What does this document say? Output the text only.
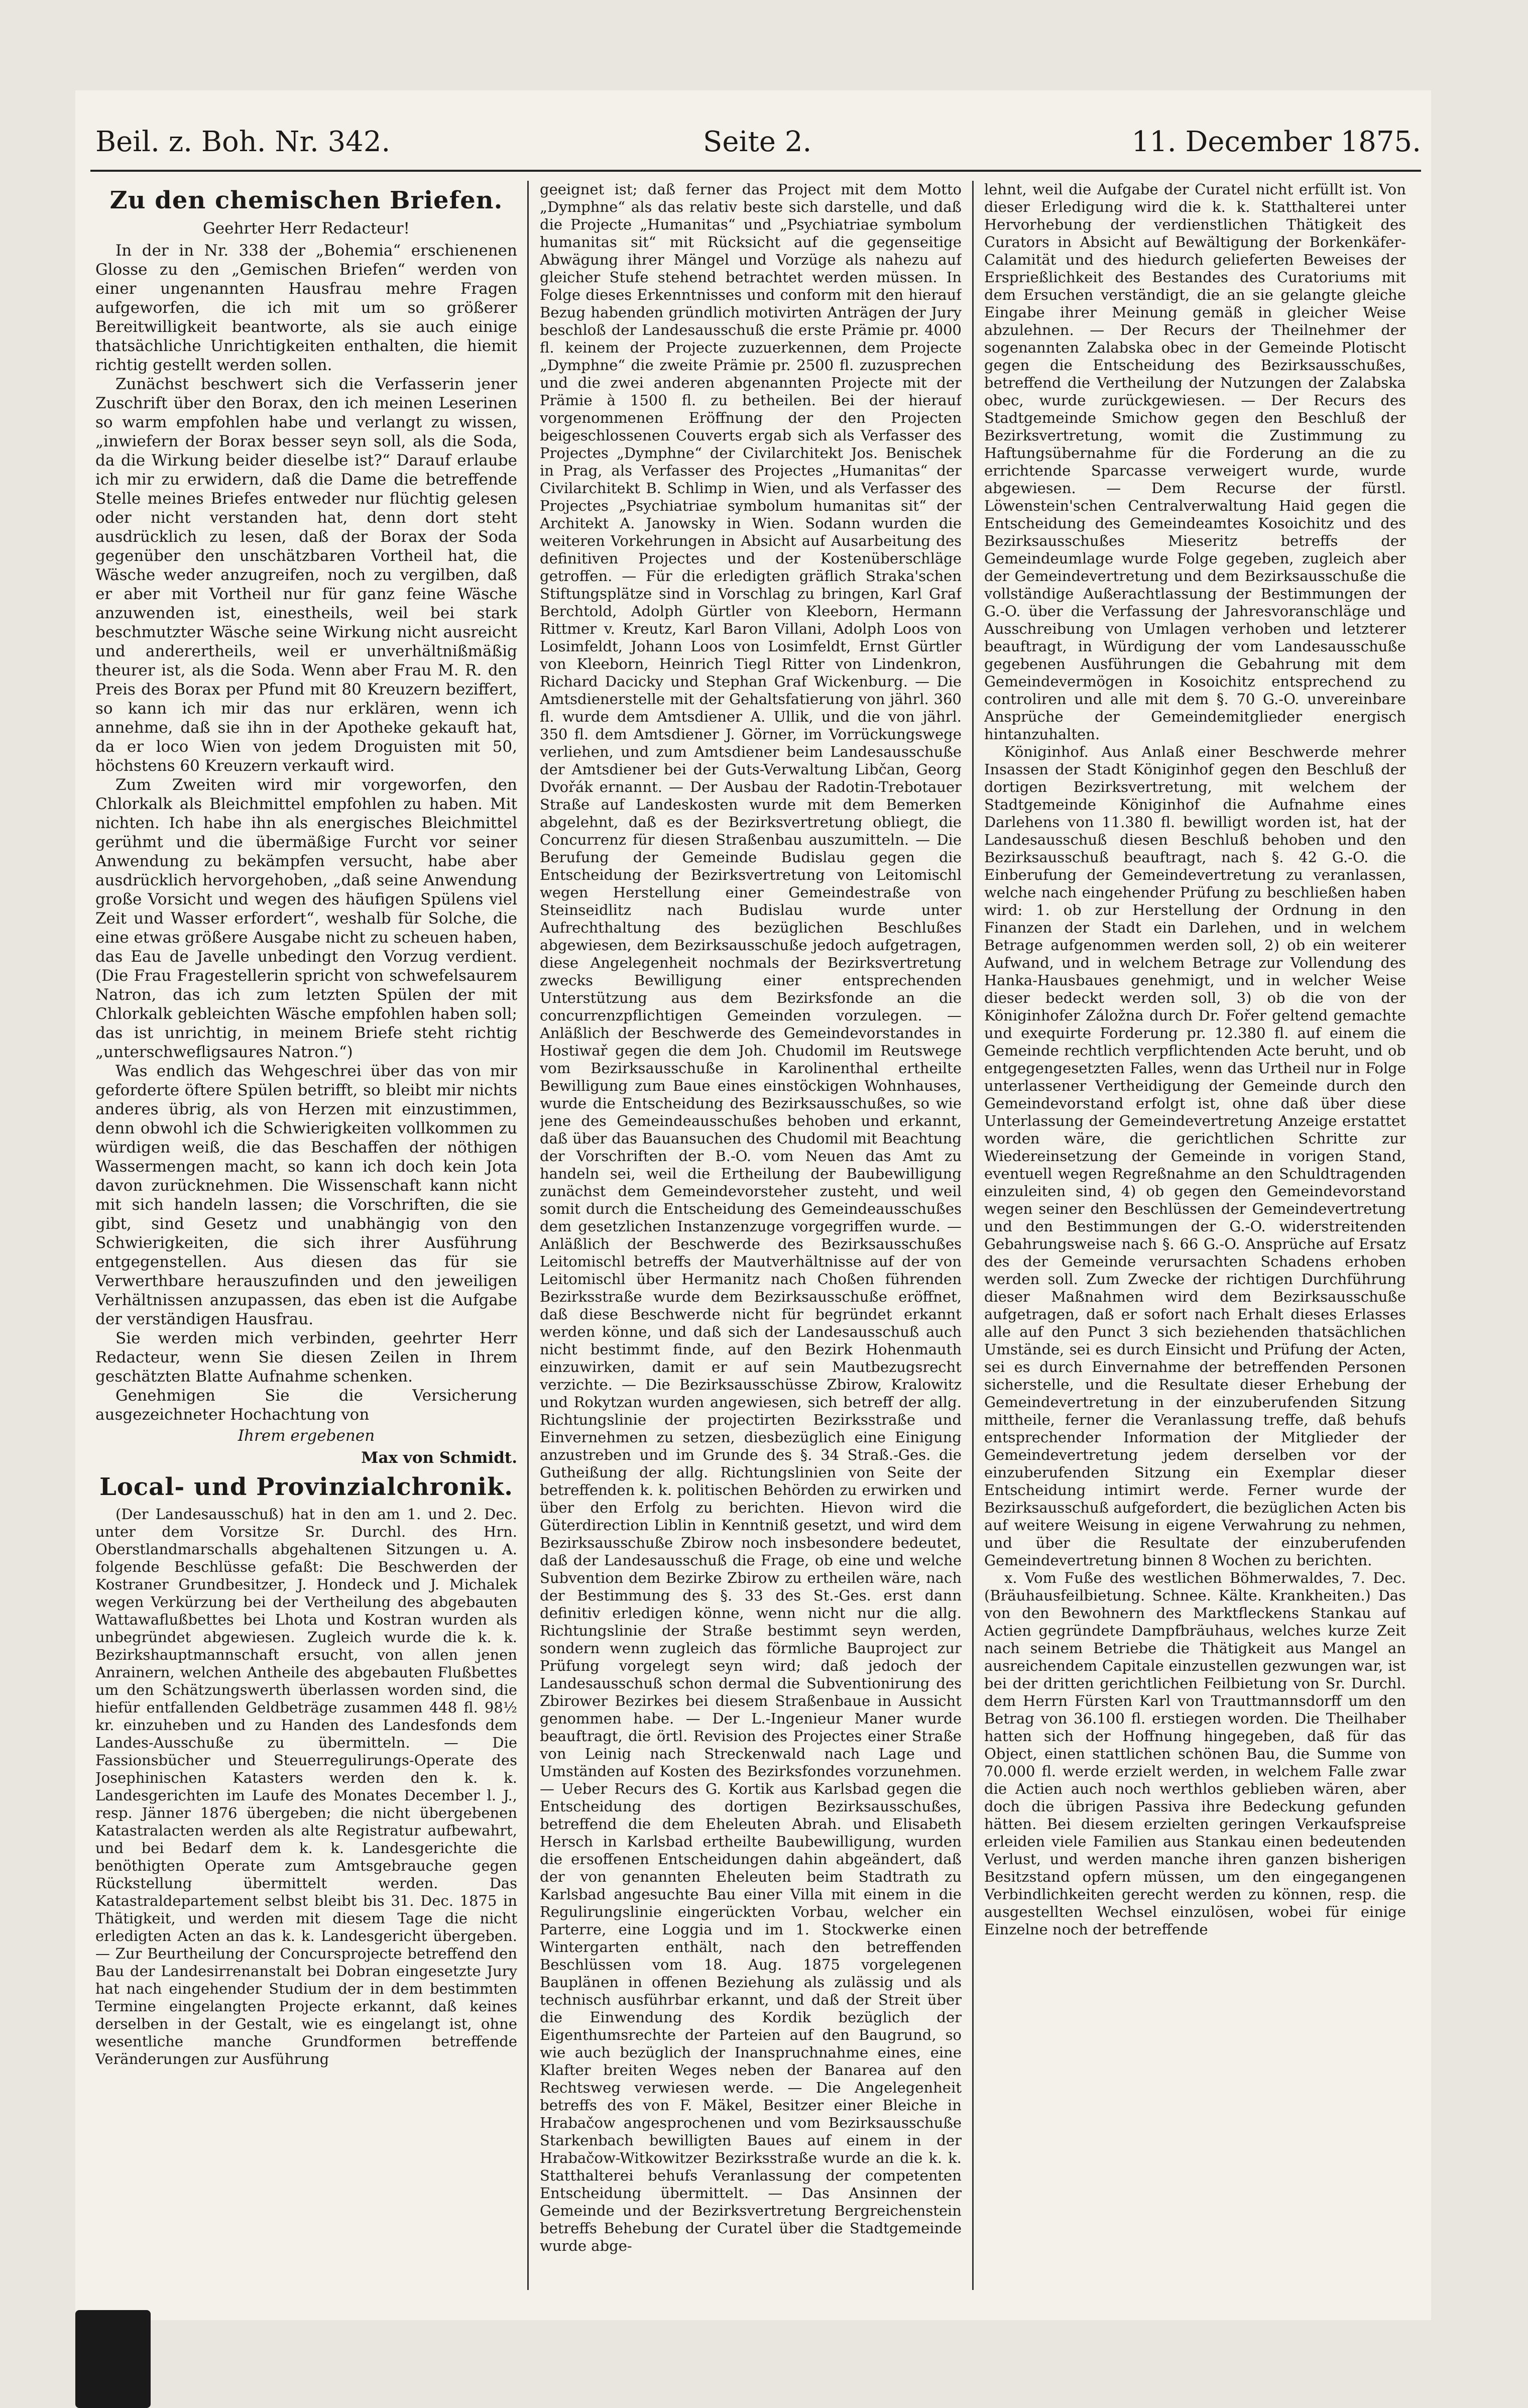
Beil. z. Boh. Nr. 342.	Seite 2.	11. December 1875.
Zu den chemischen Briefen.

Geehrter Herr Redacteur!

In der in Nr. 338 der „Bohemia“ erschienenen Glosse zu den „Gemischen Briefen“ werden von einer ungenannten Hausfrau mehre Fragen aufgeworfen, die ich mit um so größerer Bereitwilligkeit beantworte, als sie auch einige thatsächliche Unrichtigkeiten enthalten, die hiemit richtig gestellt werden sollen.

Zunächst beschwert sich die Verfasserin jener Zuschrift über den Borax, den ich meinen Leserinen so warm empfohlen habe und verlangt zu wissen, „inwiefern der Borax besser seyn soll, als die Soda, da die Wirkung beider dieselbe ist?“ Darauf erlaube ich mir zu erwidern, daß die Dame die betreffende Stelle meines Briefes entweder nur flüchtig gelesen oder nicht verstanden hat, denn dort steht ausdrücklich zu lesen, daß der Borax der Soda gegenüber den unschätzbaren Vortheil hat, die Wäsche weder anzugreifen, noch zu vergilben, daß er aber mit Vortheil nur für ganz feine Wäsche anzuwenden ist, einestheils, weil bei stark beschmutzter Wäsche seine Wirkung nicht ausreicht und anderertheils, weil er unverhältnißmäßig theurer ist, als die Soda. Wenn aber Frau M. R. den Preis des Borax per Pfund mit 80 Kreuzern beziffert, so kann ich mir das nur erklären, wenn ich annehme, daß sie ihn in der Apotheke gekauft hat, da er loco Wien von jedem Droguisten mit 50, höchstens 60 Kreuzern verkauft wird.

Zum Zweiten wird mir vorgeworfen, den Chlorkalk als Bleichmittel empfohlen zu haben. Mit nichten. Ich habe ihn als energisches Bleichmittel gerühmt und die übermäßige Furcht vor seiner Anwendung zu bekämpfen versucht, habe aber ausdrücklich hervorgehoben, „daß seine Anwendung große Vorsicht und wegen des häufigen Spülens viel Zeit und Wasser erfordert“, weshalb für Solche, die eine etwas größere Ausgabe nicht zu scheuen haben, das Eau de Javelle unbedingt den Vorzug verdient. (Die Frau Fragestellerin spricht von schwefelsaurem Natron, das ich zum letzten Spülen der mit Chlorkalk gebleichten Wäsche empfohlen haben soll; das ist unrichtig, in meinem Briefe steht richtig „unterschwefligsaures Natron.“)

Was endlich das Wehgeschrei über das von mir geforderte öftere Spülen betrifft, so bleibt mir nichts anderes übrig, als von Herzen mit einzustimmen, denn obwohl ich die Schwierigkeiten vollkommen zu würdigen weiß, die das Beschaffen der nöthigen Wassermengen macht, so kann ich doch kein Jota davon zurücknehmen. Die Wissenschaft kann nicht mit sich handeln lassen; die Vorschriften, die sie gibt, sind Gesetz und unabhängig von den Schwierigkeiten, die sich ihrer Ausführung entgegenstellen. Aus diesen das für sie Verwerthbare herauszufinden und den jeweiligen Verhältnissen anzupassen, das eben ist die Aufgabe der verständigen Hausfrau.

Sie werden mich verbinden, geehrter Herr Redacteur, wenn Sie diesen Zeilen in Ihrem geschätzten Blatte Aufnahme schenken.

Genehmigen Sie die Versicherung ausgezeichneter Hochachtung von

Ihrem ergebenen

Max von Schmidt.

Local- und Provinzialchronik.

(Der Landesausschuß) hat in den am 1. und 2. Dec. unter dem Vorsitze Sr. Durchl. des Hrn. Oberstlandmarschalls abgehaltenen Sitzungen u. A. folgende Beschlüsse gefaßt: Die Beschwerden der Kostraner Grundbesitzer, J. Hondeck und J. Michalek wegen Verkürzung bei der Vertheilung des abgebauten Wattawaflußbettes bei Lhota und Kostran wurden als unbegründet abgewiesen. Zugleich wurde die k. k. Bezirkshauptmannschaft ersucht, von allen jenen Anrainern, welchen Antheile des abgebauten Flußbettes um den Schätzungswerth überlassen worden sind, die hiefür entfallenden Geldbeträge zusammen 448 fl. 98½ kr. einzuheben und zu Handen des Landesfonds dem Landes-Ausschuße zu übermitteln. — Die Fassionsbücher und Steuerregulirungs-Operate des Josephinischen Katasters werden den k. k. Landesgerichten im Laufe des Monates December l. J., resp. Jänner 1876 übergeben; die nicht übergebenen Katastralacten werden als alte Registratur aufbewahrt, und bei Bedarf dem k. k. Landesgerichte die benöthigten Operate zum Amtsgebrauche gegen Rückstellung übermittelt werden. Das Katastraldepartement selbst bleibt bis 31. Dec. 1875 in Thätigkeit, und werden mit diesem Tage die nicht erledigten Acten an das k. k. Landesgericht übergeben. — Zur Beurtheilung der Concursprojecte betreffend den Bau der Landesirrenanstalt bei Dobran eingesetzte Jury hat nach eingehender Studium der in dem bestimmten Termine eingelangten Projecte erkannt, daß keines derselben in der Gestalt, wie es eingelangt ist, ohne wesentliche manche Grundformen betreffende Veränderungen zur Ausführung

geeignet ist; daß ferner das Project mit dem Motto „Dymphne“ als das relativ beste sich darstelle, und daß die Projecte „Humanitas“ und „Psychiatriae symbolum humanitas sit“ mit Rücksicht auf die gegenseitige Abwägung ihrer Mängel und Vorzüge als nahezu auf gleicher Stufe stehend betrachtet werden müssen. In Folge dieses Erkenntnisses und conform mit den hierauf Bezug habenden gründlich motivirten Anträgen der Jury beschloß der Landesausschuß die erste Prämie pr. 4000 fl. keinem der Projecte zuzuerkennen, dem Projecte „Dymphne“ die zweite Prämie pr. 2500 fl. zuzusprechen und die zwei anderen abgenannten Projecte mit der Prämie à 1500 fl. zu betheilen. Bei der hierauf vorgenommenen Eröffnung der den Projecten beigeschlossenen Couverts ergab sich als Verfasser des Projectes „Dymphne“ der Civilarchitekt Jos. Benischek in Prag, als Verfasser des Projectes „Humanitas“ der Civilarchitekt B. Schlimp in Wien, und als Verfasser des Projectes „Psychiatriae symbolum humanitas sit“ der Architekt A. Janowsky in Wien. Sodann wurden die weiteren Vorkehrungen in Absicht auf Ausarbeitung des definitiven Projectes und der Kostenüberschläge getroffen. — Für die erledigten gräflich Straka'schen Stiftungsplätze sind in Vorschlag zu bringen, Karl Graf Berchtold, Adolph Gürtler von Kleeborn, Hermann Rittmer v. Kreutz, Karl Baron Villani, Adolph Loos von Losimfeldt, Johann Loos von Losimfeldt, Ernst Gürtler von Kleeborn, Heinrich Tiegl Ritter von Lindenkron, Richard Dacicky und Stephan Graf Wickenburg. — Die Amtsdienerstelle mit der Gehaltsfatierung von jährl. 360 fl. wurde dem Amtsdiener A. Ullik, und die von jährl. 350 fl. dem Amtsdiener J. Görner, im Vorrückungswege verliehen, und zum Amtsdiener beim Landesausschuße der Amtsdiener bei der Guts-Verwaltung Libčan, Georg Dvořák ernannt. — Der Ausbau der Radotin-Trebotauer Straße auf Landeskosten wurde mit dem Bemerken abgelehnt, daß es der Bezirksvertretung obliegt, die Concurrenz für diesen Straßenbau auszumitteln. — Die Berufung der Gemeinde Budislau gegen die Entscheidung der Bezirksvertretung von Leitomischl wegen Herstellung einer Gemeindestraße von Steinseidlitz nach Budislau wurde unter Aufrechthaltung des bezüglichen Beschlußes abgewiesen, dem Bezirksausschuße jedoch aufgetragen, diese Angelegenheit nochmals der Bezirksvertretung zwecks Bewilligung einer entsprechenden Unterstützung aus dem Bezirksfonde an die concurrenzpflichtigen Gemeinden vorzulegen. — Anläßlich der Beschwerde des Gemeindevorstandes in Hostiwař gegen die dem Joh. Chudomil im Reutswege vom Bezirksausschuße in Karolinenthal ertheilte Bewilligung zum Baue eines einstöckigen Wohnhauses, wurde die Entscheidung des Bezirksausschußes, so wie jene des Gemeindeausschußes behoben und erkannt, daß über das Bauansuchen des Chudomil mit Beachtung der Vorschriften der B.-O. vom Neuen das Amt zu handeln sei, weil die Ertheilung der Baubewilligung zunächst dem Gemeindevorsteher zusteht, und weil somit durch die Entscheidung des Gemeindeausschußes dem gesetzlichen Instanzenzuge vorgegriffen wurde. — Anläßlich der Beschwerde des Bezirksausschußes Leitomischl betreffs der Mautverhältnisse auf der von Leitomischl über Hermanitz nach Choßen führenden Bezirksstraße wurde dem Bezirksausschuße eröffnet, daß diese Beschwerde nicht für begründet erkannt werden könne, und daß sich der Landesausschuß auch nicht bestimmt finde, auf den Bezirk Hohenmauth einzuwirken, damit er auf sein Mautbezugsrecht verzichte. — Die Bezirksausschüsse Zbirow, Kralowitz und Rokytzan wurden angewiesen, sich betreff der allg. Richtungslinie der projectirten Bezirksstraße und Einvernehmen zu setzen, diesbezüglich eine Einigung anzustreben und im Grunde des §. 34 Straß.-Ges. die Gutheißung der allg. Richtungslinien von Seite der betreffenden k. k. politischen Behörden zu erwirken und über den Erfolg zu berichten. Hievon wird die Güterdirection Liblin in Kenntniß gesetzt, und wird dem Bezirksausschuße Zbirow noch insbesondere bedeutet, daß der Landesausschuß die Frage, ob eine und welche Subvention dem Bezirke Zbirow zu ertheilen wäre, nach der Bestimmung des §. 33 des St.-Ges. erst dann definitiv erledigen könne, wenn nicht nur die allg. Richtungslinie der Straße bestimmt seyn werden, sondern wenn zugleich das förmliche Bauproject zur Prüfung vorgelegt seyn wird; daß jedoch der Landesausschuß schon dermal die Subventionirung des Zbirower Bezirkes bei diesem Straßenbaue in Aussicht genommen habe. — Der L.-Ingenieur Maner wurde beauftragt, die örtl. Revision des Projectes einer Straße von Leinig nach Streckenwald nach Lage und Umständen auf Kosten des Bezirksfondes vorzunehmen. — Ueber Recurs des G. Kortik aus Karlsbad gegen die Entscheidung des dortigen Bezirksausschußes, betreffend die dem Eheleuten Abrah. und Elisabeth Hersch in Karlsbad ertheilte Baubewilligung, wurden die ersoffenen Entscheidungen dahin abgeändert, daß der von genannten Eheleuten beim Stadtrath zu Karlsbad angesuchte Bau einer Villa mit einem in die Regulirungslinie eingerückten Vorbau, welcher ein Parterre, eine Loggia und im 1. Stockwerke einen Wintergarten enthält, nach den betreffenden Beschlüssen vom 18. Aug. 1875 vorgelegenen Bauplänen in offenen Beziehung als zulässig und als technisch ausführbar erkannt, und daß der Streit über die Einwendung des Kordik bezüglich der Eigenthumsrechte der Parteien auf den Baugrund, so wie auch bezüglich der Inanspruchnahme eines, eine Klafter breiten Weges neben der Banarea auf den Rechtsweg verwiesen werde. — Die Angelegenheit betreffs des von F. Mäkel, Besitzer einer Bleiche in Hrabačow angesprochenen und vom Bezirksausschuße Starkenbach bewilligten Baues auf einem in der Hrabačow-Witkowitzer Bezirksstraße wurde an die k. k. Statthalterei behufs Veranlassung der competenten Entscheidung übermittelt. — Das Ansinnen der Gemeinde und der Bezirksvertretung Bergreichenstein betreffs Behebung der Curatel über die Stadtgemeinde wurde abge-

lehnt, weil die Aufgabe der Curatel nicht erfüllt ist. Von dieser Erledigung wird die k. k. Statthalterei unter Hervorhebung der verdienstlichen Thätigkeit des Curators in Absicht auf Bewältigung der Borkenkäfer-Calamität und des hiedurch gelieferten Beweises der Ersprießlichkeit des Bestandes des Curatoriums mit dem Ersuchen verständigt, die an sie gelangte gleiche Eingabe ihrer Meinung gemäß in gleicher Weise abzulehnen. — Der Recurs der Theilnehmer der sogenannten Zalabska obec in der Gemeinde Plotischt gegen die Entscheidung des Bezirksausschußes, betreffend die Vertheilung der Nutzungen der Zalabska obec, wurde zurückgewiesen. — Der Recurs des Stadtgemeinde Smichow gegen den Beschluß der Bezirksvertretung, womit die Zustimmung zu Haftungsübernahme für die Forderung an die zu errichtende Sparcasse verweigert wurde, wurde abgewiesen. — Dem Recurse der fürstl. Löwenstein'schen Centralverwaltung Haid gegen die Entscheidung des Gemeindeamtes Kosoichitz und des Bezirksausschußes Mieseritz betreffs der Gemeindeumlage wurde Folge gegeben, zugleich aber der Gemeindevertretung und dem Bezirksausschuße die vollständige Außerachtlassung der Bestimmungen der G.-O. über die Verfassung der Jahresvoranschläge und Ausschreibung von Umlagen verhoben und letzterer beauftragt, in Würdigung der vom Landesausschuße gegebenen Ausführungen die Gebahrung mit dem Gemeindevermögen in Kosoichitz entsprechend zu controliren und alle mit dem §. 70 G.-O. unvereinbare Ansprüche der Gemeindemitglieder energisch hintanzuhalten.

Königinhof. Aus Anlaß einer Beschwerde mehrer Insassen der Stadt Königinhof gegen den Beschluß der dortigen Bezirksvertretung, mit welchem der Stadtgemeinde Königinhof die Aufnahme eines Darlehens von 11.380 fl. bewilligt worden ist, hat der Landesausschuß diesen Beschluß behoben und den Bezirksausschuß beauftragt, nach §. 42 G.-O. die Einberufung der Gemeindevertretung zu veranlassen, welche nach eingehender Prüfung zu beschließen haben wird: 1. ob zur Herstellung der Ordnung in den Finanzen der Stadt ein Darlehen, und in welchem Betrage aufgenommen werden soll, 2) ob ein weiterer Aufwand, und in welchem Betrage zur Vollendung des Hanka-Hausbaues genehmigt, und in welcher Weise dieser bedeckt werden soll, 3) ob die von der Königinhofer Záložna durch Dr. Fořer geltend gemachte und exequirte Forderung pr. 12.380 fl. auf einem die Gemeinde rechtlich verpflichtenden Acte beruht, und ob entgegengesetzten Falles, wenn das Urtheil nur in Folge unterlassener Vertheidigung der Gemeinde durch den Gemeindevorstand erfolgt ist, ohne daß über diese Unterlassung der Gemeindevertretung Anzeige erstattet worden wäre, die gerichtlichen Schritte zur Wiedereinsetzung der Gemeinde in vorigen Stand, eventuell wegen Regreßnahme an den Schuldtragenden einzuleiten sind, 4) ob gegen den Gemeindevorstand wegen seiner den Beschlüssen der Gemeindevertretung und den Bestimmungen der G.-O. widerstreitenden Gebahrungsweise nach §. 66 G.-O. Ansprüche auf Ersatz des der Gemeinde verursachten Schadens erhoben werden soll. Zum Zwecke der richtigen Durchführung dieser Maßnahmen wird dem Bezirksausschuße aufgetragen, daß er sofort nach Erhalt dieses Erlasses alle auf den Punct 3 sich beziehenden thatsächlichen Umstände, sei es durch Einsicht und Prüfung der Acten, sei es durch Einvernahme der betreffenden Personen sicherstelle, und die Resultate dieser Erhebung der Gemeindevertretung in der einzuberufenden Sitzung mittheile, ferner die Veranlassung treffe, daß behufs entsprechender Information der Mitglieder der Gemeindevertretung jedem derselben vor der einzuberufenden Sitzung ein Exemplar dieser Entscheidung intimirt werde. Ferner wurde der Bezirksausschuß aufgefordert, die bezüglichen Acten bis auf weitere Weisung in eigene Verwahrung zu nehmen, und über die Resultate der einzuberufenden Gemeindevertretung binnen 8 Wochen zu berichten.

x. Vom Fuße des westlichen Böhmerwaldes, 7. Dec. (Bräuhausfeilbietung. Schnee. Kälte. Krankheiten.) Das von den Bewohnern des Marktfleckens Stankau auf Actien gegründete Dampfbräuhaus, welches kurze Zeit nach seinem Betriebe die Thätigkeit aus Mangel an ausreichendem Capitale einzustellen gezwungen war, ist bei der dritten gerichtlichen Feilbietung von Sr. Durchl. dem Herrn Fürsten Karl von Trauttmannsdorff um den Betrag von 36.100 fl. erstiegen worden. Die Theilhaber hatten sich der Hoffnung hingegeben, daß für das Object, einen stattlichen schönen Bau, die Summe von 70.000 fl. werde erzielt werden, in welchem Falle zwar die Actien auch noch werthlos geblieben wären, aber doch die übrigen Passiva ihre Bedeckung gefunden hätten. Bei diesem erzielten geringen Verkaufspreise erleiden viele Familien aus Stankau einen bedeutenden Verlust, und werden manche ihren ganzen bisherigen Besitzstand opfern müssen, um den eingegangenen Verbindlichkeiten gerecht werden zu können, resp. die ausgestellten Wechsel einzulösen, wobei für einige Einzelne noch der betreffende
